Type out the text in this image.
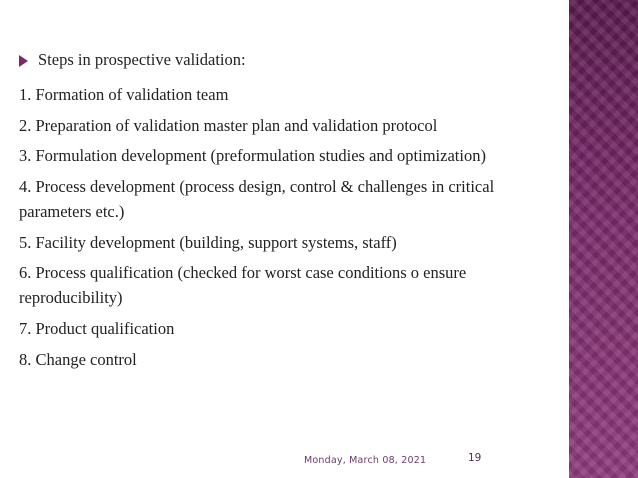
Steps in prospective validation:
1. Formation of validation team
2. Preparation of validation master plan and validation protocol
3. Formulation development (preformulation studies and optimization)
4. Process development (process design, control & challenges in critical parameters etc.)
5. Facility development (building, support systems, staff)
6. Process qualification (checked for worst case conditions o ensure reproducibility)
7. Product qualification
8. Change control
Monday, March 08, 2021	19
